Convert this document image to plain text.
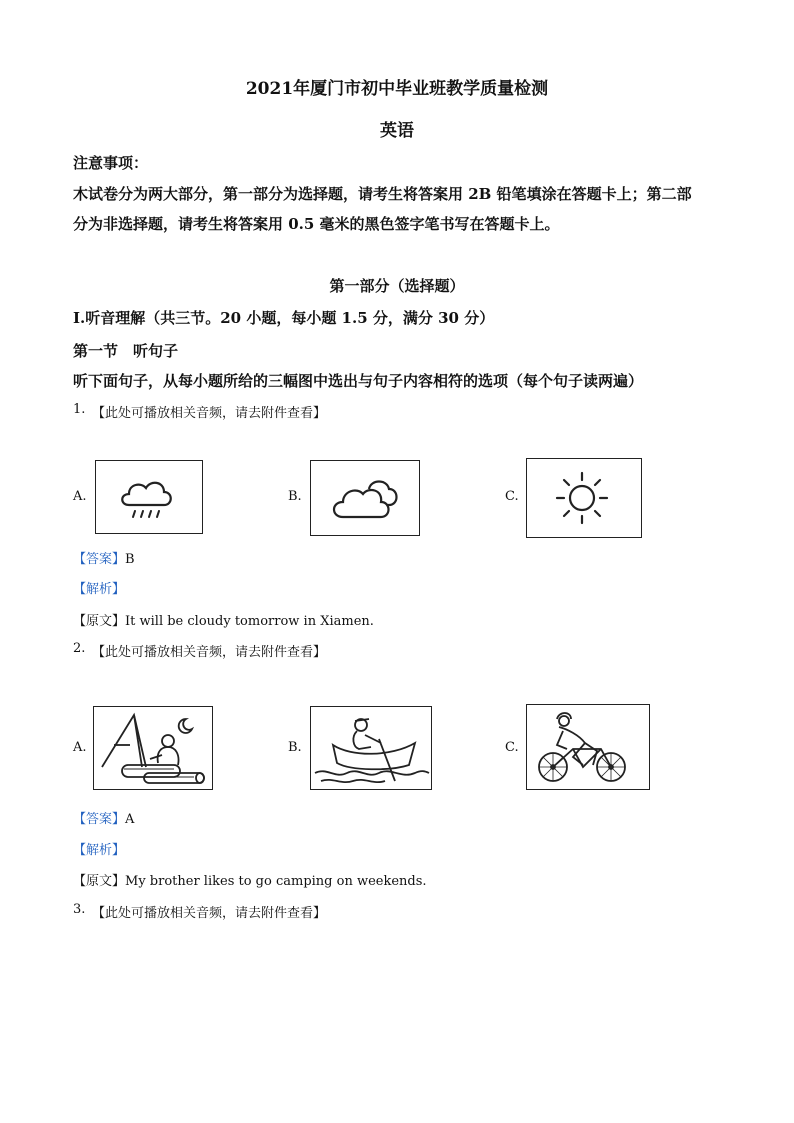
2021年厦门市初中毕业班教学质量检测
英语
注意事项：
木试卷分为两大部分，第一部分为选择题，请考生将答案用 2B 铅笔填涂在答题卡上；第二部
分为非选择题，请考生将答案用 0.5 毫米的黑色签字笔书写在答题卡上。
第一部分（选择题）
I.听音理解（共三节。20 小题，每小题 1.5 分，满分 30 分）
第一节　听句子
听下面句子，从每小题所给的三幅图中选出与句子内容相符的选项（每个句子读两遍）
1. 【此处可播放相关音频，请去附件查看】
A.	B.	C.
【答案】B
【解析】
【原文】It will be cloudy tomorrow in Xiamen.
2. 【此处可播放相关音频，请去附件查看】
A.	B.	C.
【答案】A
【解析】
【原文】My brother likes to go camping on weekends.
3. 【此处可播放相关音频，请去附件查看】
